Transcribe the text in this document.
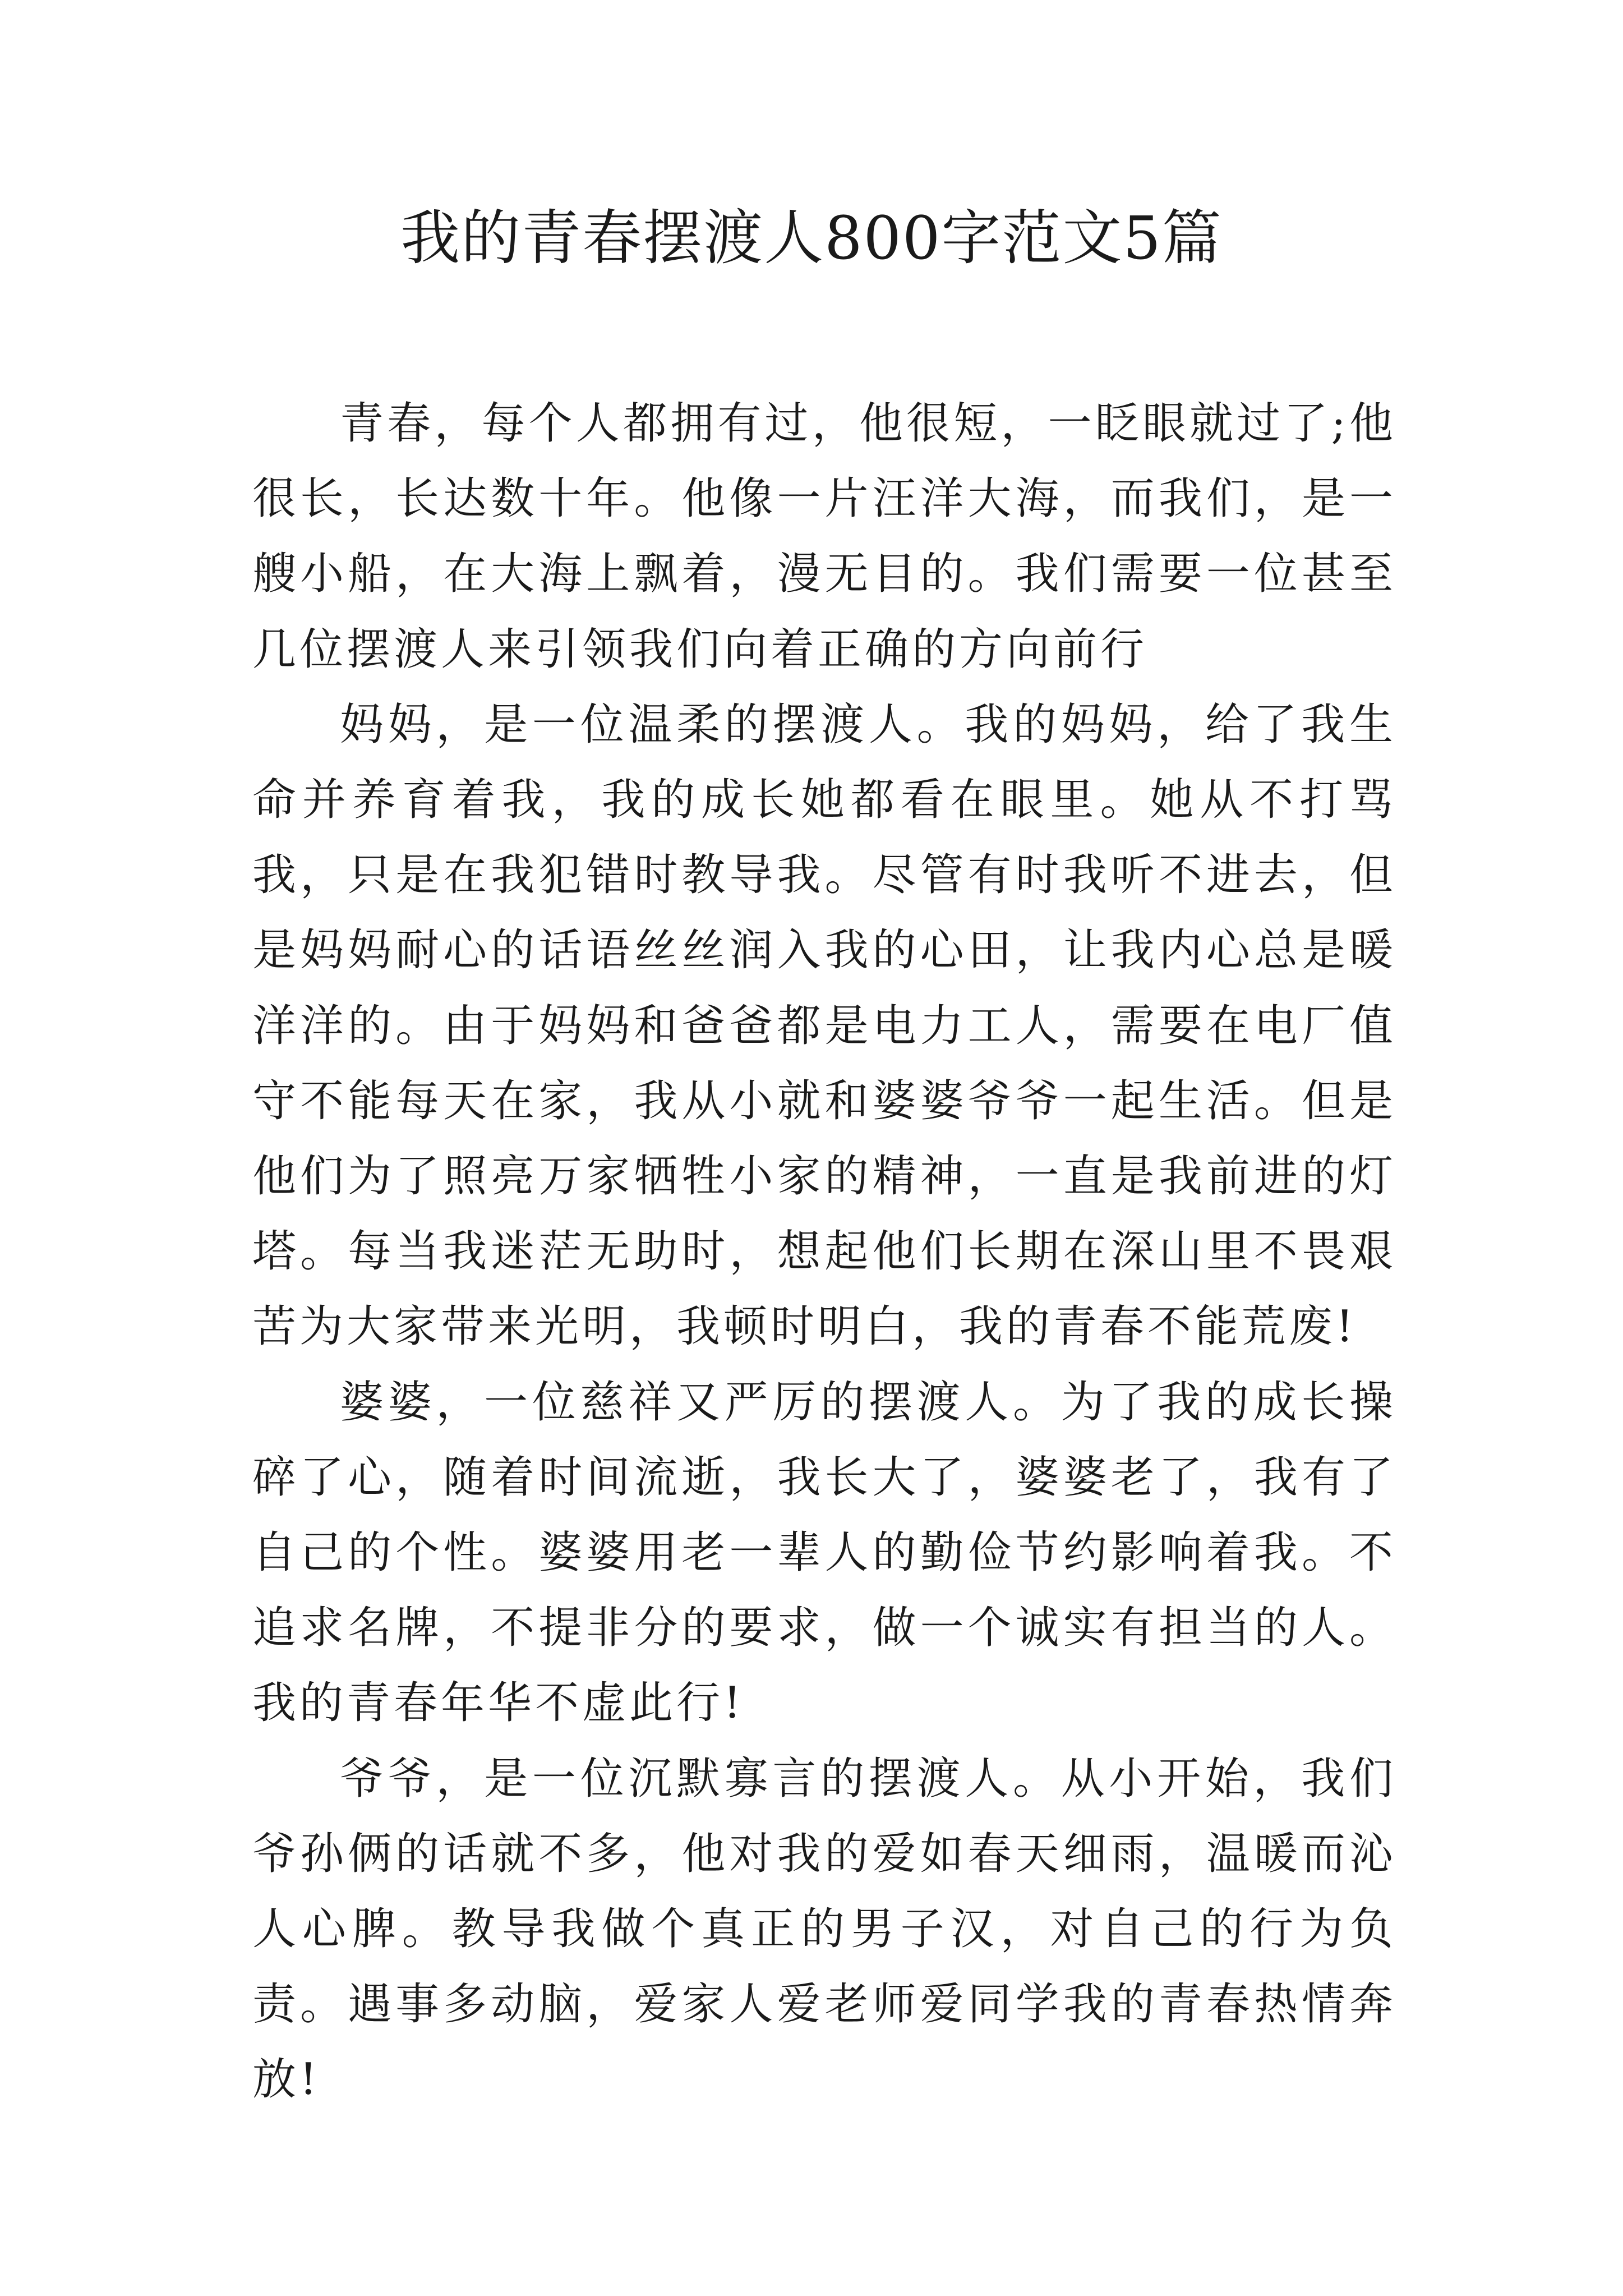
我的青春摆渡人800字范文5篇

青春，每个人都拥有过，他很短，一眨眼就过了;他很长，长达数十年。他像一片汪洋大海，而我们，是一艘小船，在大海上飘着，漫无目的。我们需要一位甚至几位摆渡人来引领我们向着正确的方向前行

妈妈，是一位温柔的摆渡人。我的妈妈，给了我生命并养育着我，我的成长她都看在眼里。她从不打骂我，只是在我犯错时教导我。尽管有时我听不进去，但是妈妈耐心的话语丝丝润入我的心田，让我内心总是暖洋洋的。由于妈妈和爸爸都是电力工人，需要在电厂值守不能每天在家，我从小就和婆婆爷爷一起生活。但是他们为了照亮万家牺牲小家的精神，一直是我前进的灯塔。每当我迷茫无助时，想起他们长期在深山里不畏艰苦为大家带来光明，我顿时明白，我的青春不能荒废!

婆婆，一位慈祥又严厉的摆渡人。为了我的成长操碎了心，随着时间流逝，我长大了，婆婆老了，我有了自己的个性。婆婆用老一辈人的勤俭节约影响着我。不追求名牌，不提非分的要求，做一个诚实有担当的人。我的青春年华不虚此行!

爷爷，是一位沉默寡言的摆渡人。从小开始，我们爷孙俩的话就不多，他对我的爱如春天细雨，温暖而沁人心脾。教导我做个真正的男子汉，对自己的行为负责。遇事多动脑，爱家人爱老师爱同学我的青春热情奔放!
